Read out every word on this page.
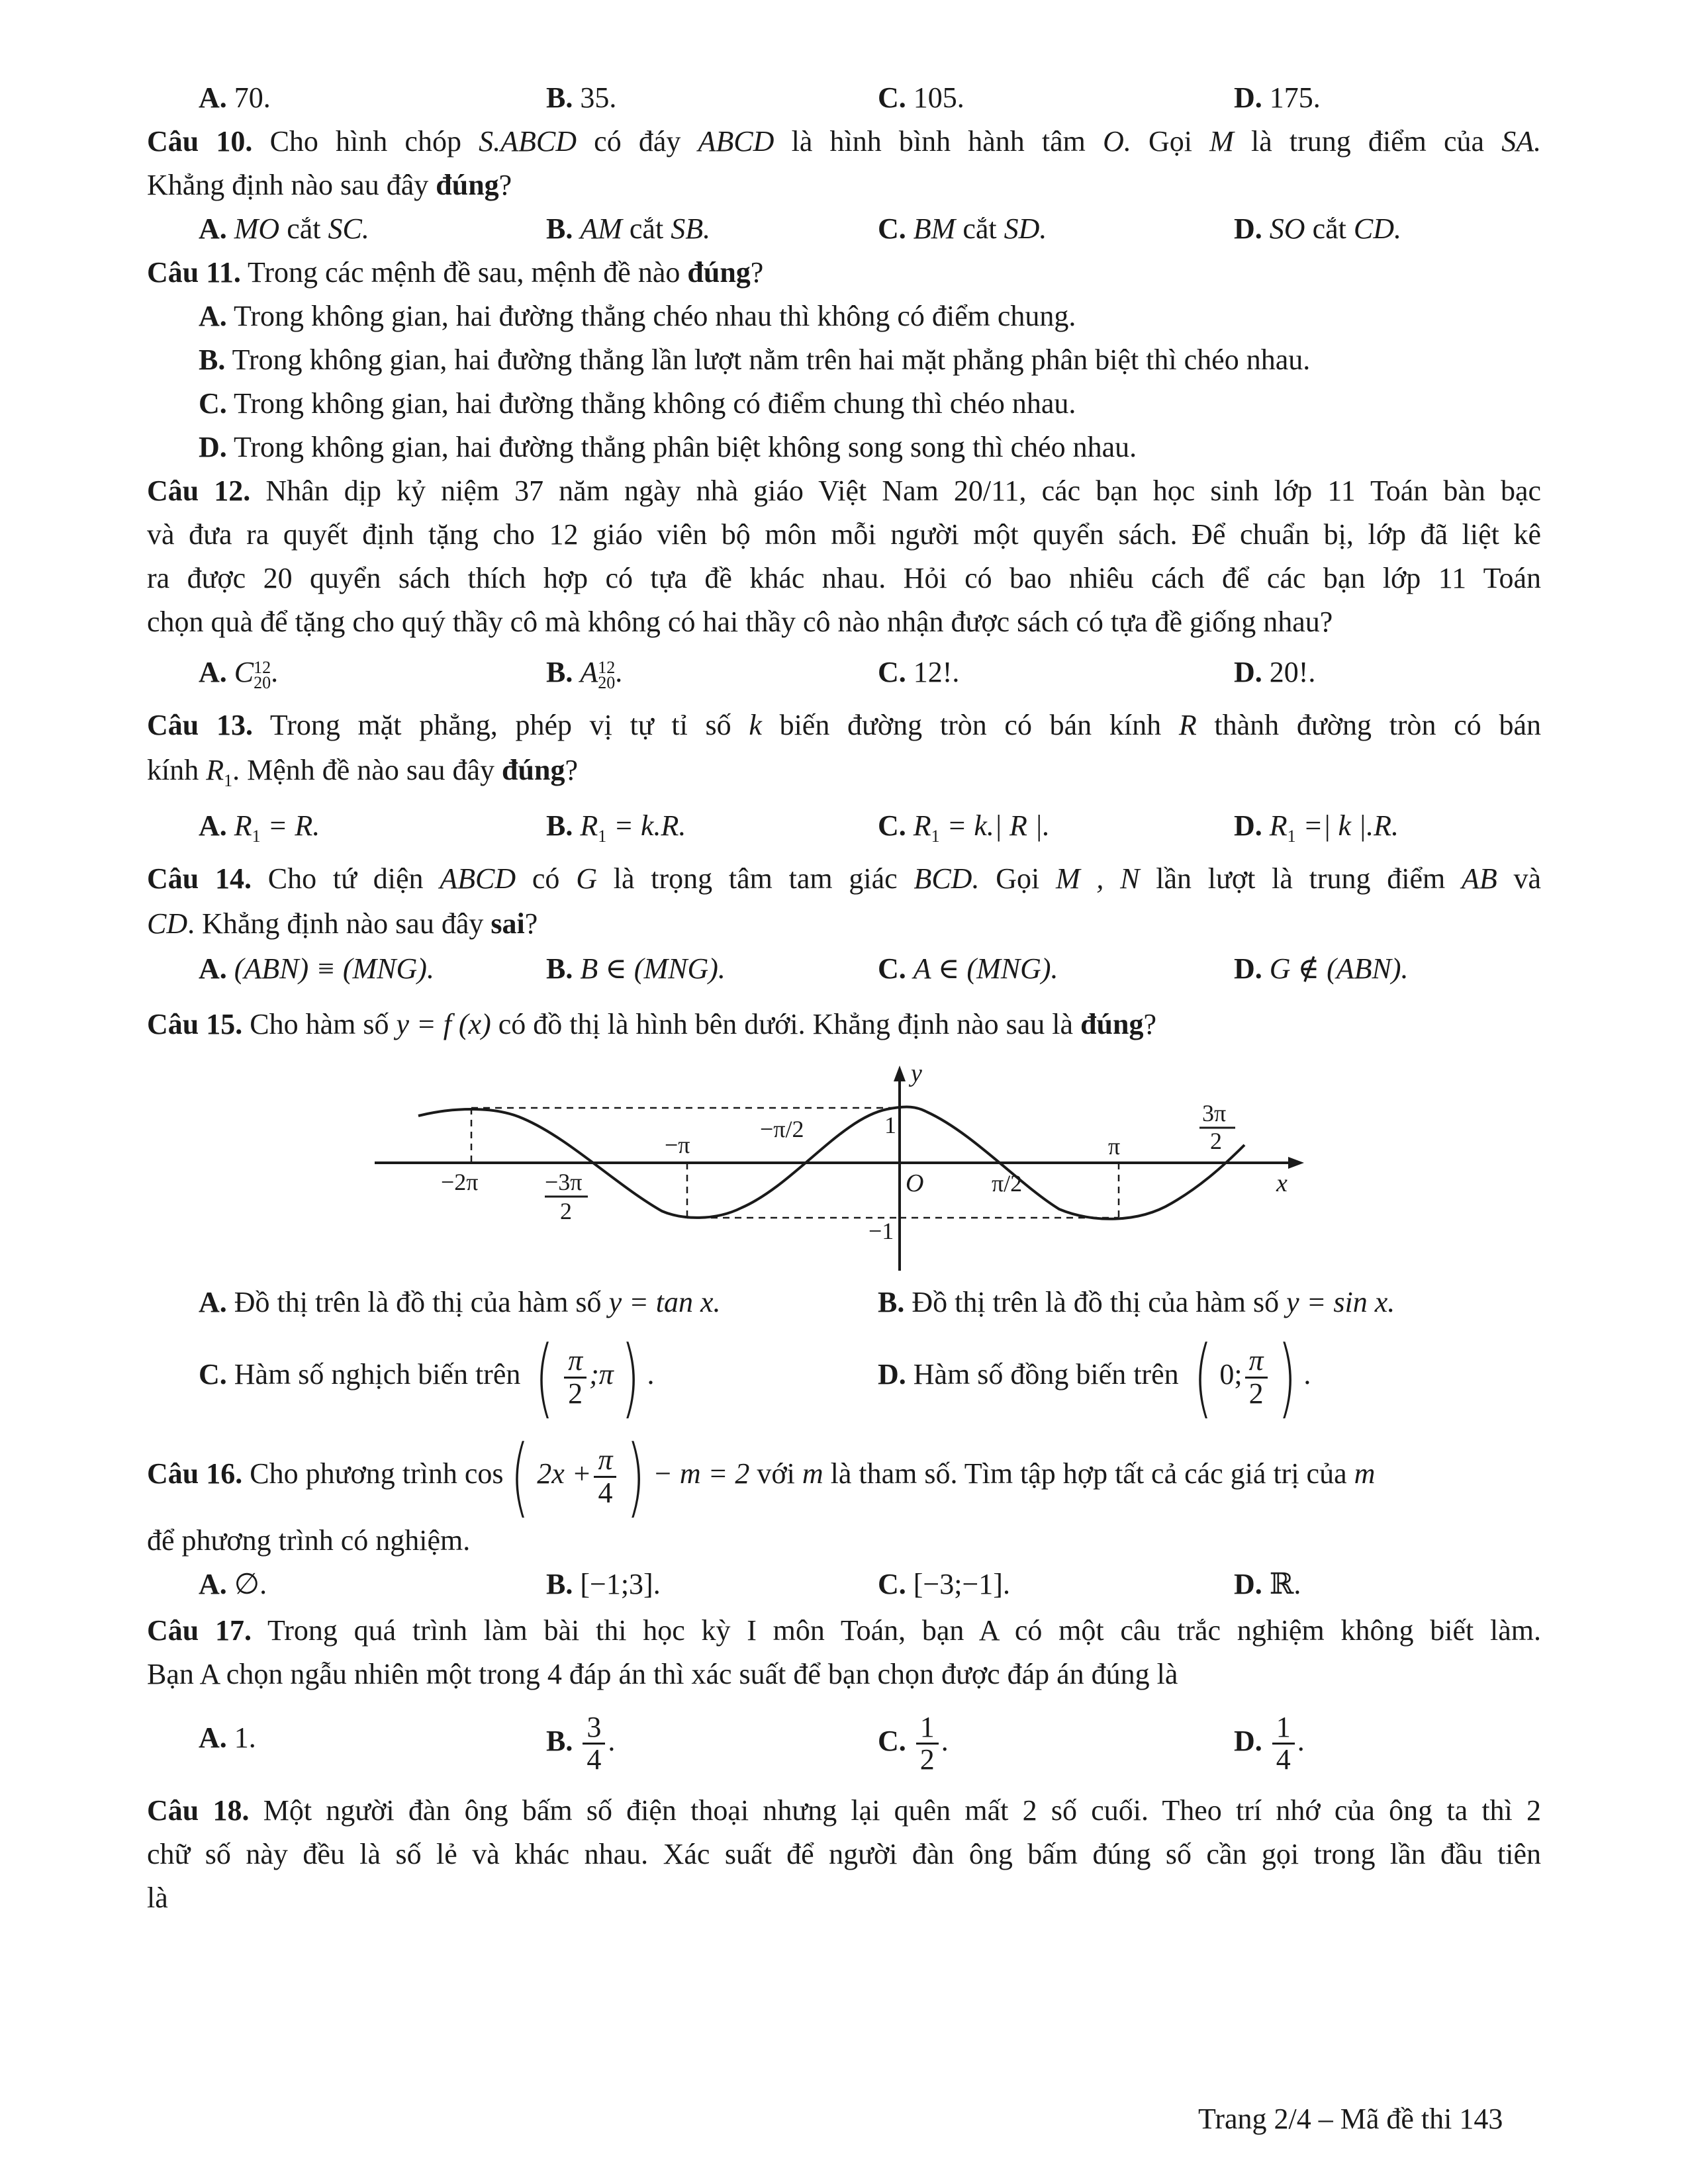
A. 70.	B. 35.	C. 105.	D. 175.
Câu 10. Cho hình chóp S.ABCD có đáy ABCD là hình bình hành tâm O. Gọi M là trung điểm của SA.
Khẳng định nào sau đây đúng?
A. MO cắt SC.	B. AM cắt SB.	C. BM cắt SD.	D. SO cắt CD.
Câu 11. Trong các mệnh đề sau, mệnh đề nào đúng?
A. Trong không gian, hai đường thẳng chéo nhau thì không có điểm chung.
B. Trong không gian, hai đường thẳng lần lượt nằm trên hai mặt phẳng phân biệt thì chéo nhau.
C. Trong không gian, hai đường thẳng không có điểm chung thì chéo nhau.
D. Trong không gian, hai đường thẳng phân biệt không song song thì chéo nhau.
Câu 12. Nhân dịp kỷ niệm 37 năm ngày nhà giáo Việt Nam 20/11, các bạn học sinh lớp 11 Toán bàn bạc
và đưa ra quyết định tặng cho 12 giáo viên bộ môn mỗi người một quyển sách. Để chuẩn bị, lớp đã liệt kê
ra được 20 quyển sách thích hợp có tựa đề khác nhau. Hỏi có bao nhiêu cách để các bạn lớp 11 Toán
chọn quà để tặng cho quý thầy cô mà không có hai thầy cô nào nhận được sách có tựa đề giống nhau?
A. C 12
20 .	B. A 12
20 .	C. 12!.	D. 20!.
Câu 13. Trong mặt phẳng, phép vị tự tỉ số k biến đường tròn có bán kính R thành đường tròn có bán
kính $R_1$. Mệnh đề nào sau đây đúng?
A. $R_1 = R$.	B. $R_1 = k.R$.	C. $R_1 = k.|$ R |.	D. $R_1$ =| k |.R.
Câu 14. Cho tứ diện ABCD có G là trọng tâm tam giác BCD. Gọi M , N lần lượt là trung điểm AB và
CD. Khẳng định nào sau đây sai?
A. (ABN) ≡ (MNG).	B. B ∈ (MNG).	C. A ∈ (MNG).	D. G ∉ (ABN).
Câu 15. Cho hàm số y = f (x) có đồ thị là hình bên dưới. Khẳng định nào sau là đúng?
y
x
O
1
−1
−2π	−3π
2
−π
−π/2
π/2
π
3π
2
A. Đồ thị trên là đồ thị của hàm số y = tan x.	B. Đồ thị trên là đồ thị của hàm số y = sin x.
C. Hàm số nghịch biến trên ( $\frac{\pi}{2}$ ;π) .	D. Hàm số đồng biến trên ( 0; $\frac{\pi}{2}$ ) .
Câu 16. Cho phương trình cos( $2x + \frac{\pi}{4}$ ) − m = 2 với m là tham số. Tìm tập hợp tất cả các giá trị của m
để phương trình có nghiệm.
A. ∅.	B. [−1;3].	C. [−3;−1].	D. ℝ.
Câu 17. Trong quá trình làm bài thi học kỳ I môn Toán, bạn A có một câu trắc nghiệm không biết làm.
Bạn A chọn ngẫu nhiên một trong 4 đáp án thì xác suất để bạn chọn được đáp án đúng là
A. 1.	B. $\frac{3}{4}$ .	C. $\frac{1}{2}$ .	D. $\frac{1}{4}$ .
Câu 18. Một người đàn ông bấm số điện thoại nhưng lại quên mất 2 số cuối. Theo trí nhớ của ông ta thì 2
chữ số này đều là số lẻ và khác nhau. Xác suất để người đàn ông bấm đúng số cần gọi trong lần đầu tiên
là
Trang 2/4 – Mã đề thi 143
